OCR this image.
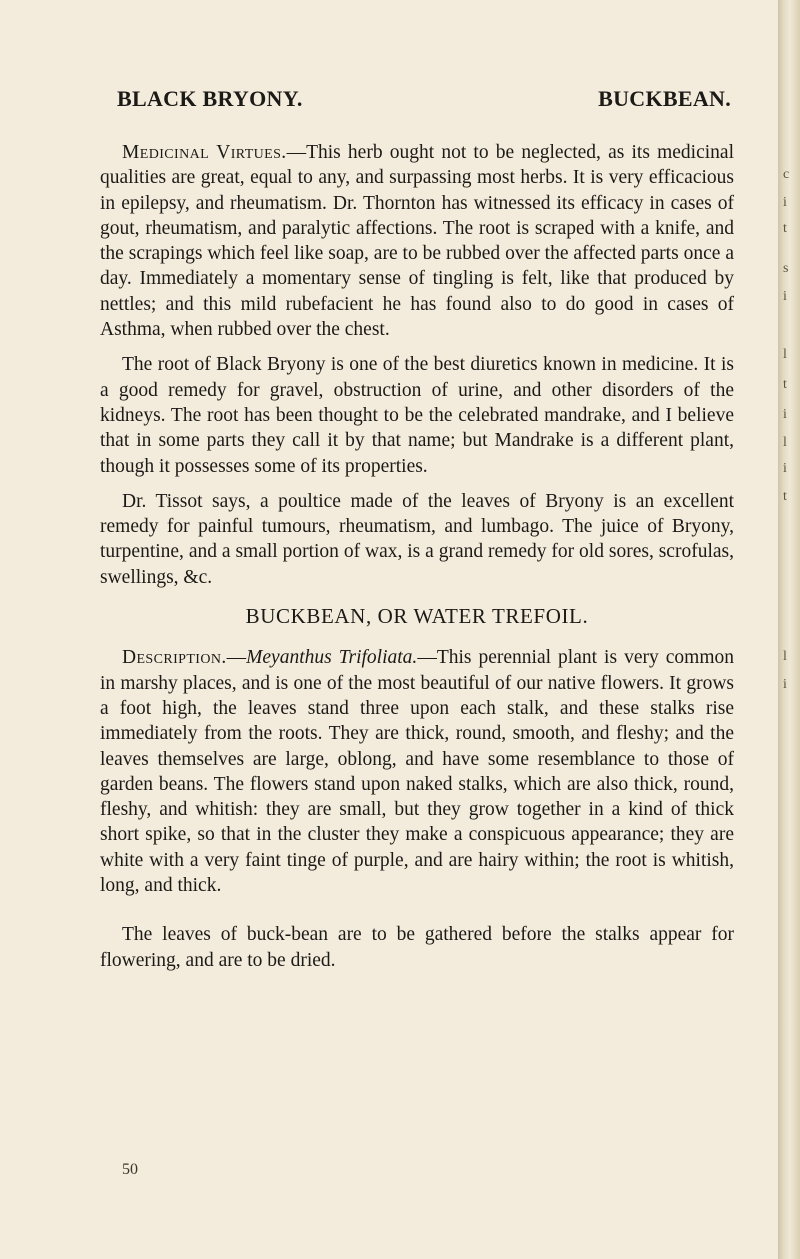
BLACK BRYONY.	BUCKBEAN.

Medicinal Virtues.—This herb ought not to be neglected, as its medicinal qualities are great, equal to any, and surpassing most herbs. It is very efficacious in epilepsy, and rheumatism. Dr. Thornton has witnessed its efficacy in cases of gout, rheumatism, and paralytic affections. The root is scraped with a knife, and the scrapings which feel like soap, are to be rubbed over the affected parts once a day. Immediately a momentary sense of tingling is felt, like that produced by nettles; and this mild rubefacient he has found also to do good in cases of Asthma, when rubbed over the chest.

The root of Black Bryony is one of the best diuretics known in medicine. It is a good remedy for gravel, obstruction of urine, and other disorders of the kidneys. The root has been thought to be the celebrated mandrake, and I believe that in some parts they call it by that name; but Mandrake is a different plant, though it possesses some of its properties.

Dr. Tissot says, a poultice made of the leaves of Bryony is an excellent remedy for painful tumours, rheumatism, and lumbago. The juice of Bryony, turpentine, and a small portion of wax, is a grand remedy for old sores, scrofulas, swellings, &c.

BUCKBEAN, OR WATER TREFOIL.

Description.—Meyanthus Trifoliata.—This perennial plant is very common in marshy places, and is one of the most beautiful of our native flowers. It grows a foot high, the leaves stand three upon each stalk, and these stalks rise immediately from the roots. They are thick, round, smooth, and fleshy; and the leaves themselves are large, oblong, and have some resemblance to those of garden beans. The flowers stand upon naked stalks, which are also thick, round, fleshy, and whitish: they are small, but they grow together in a kind of thick short spike, so that in the cluster they make a conspicuous appearance; they are white with a very faint tinge of purple, and are hairy within; the root is whitish, long, and thick.

The leaves of buck-bean are to be gathered before the stalks appear for flowering, and are to be dried.

50
c
i
t
s
i
l
t
i
l
i
t
l
i
